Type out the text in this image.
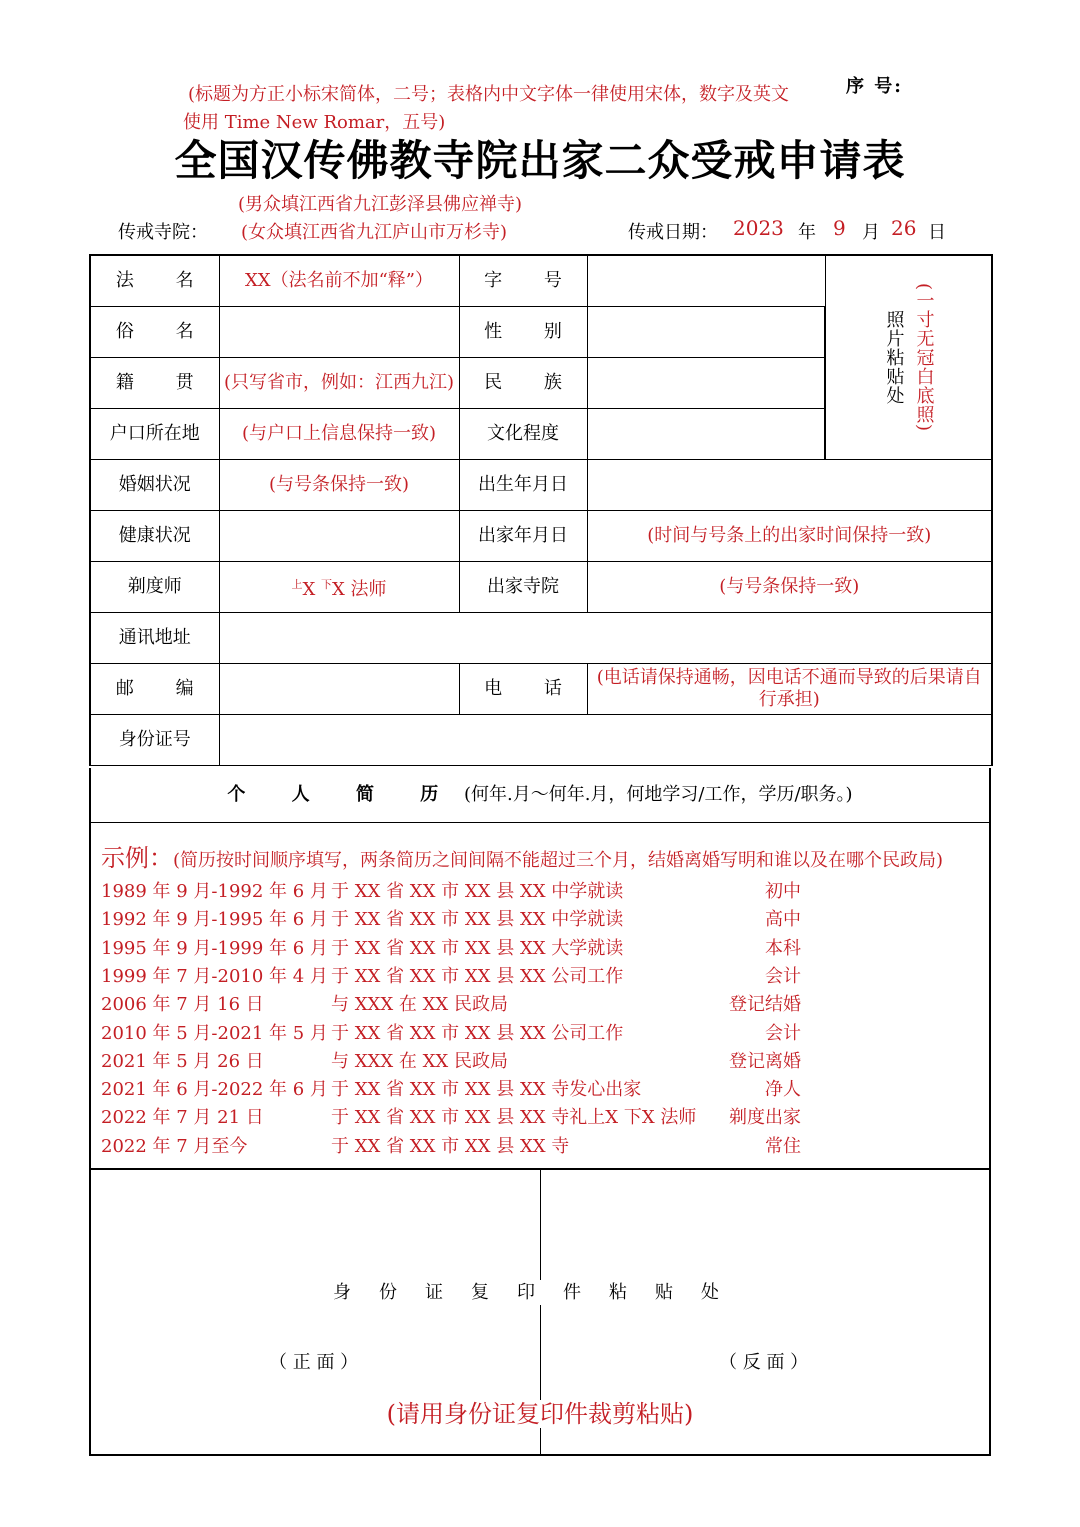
序 号:
(标题为方正小标宋简体，二号；表格内中文字体一律使用宋体，数字及英文
使用 Time New Romar，五号)
全国汉传佛教寺院出家二众受戒申请表
(男众填江西省九江彭泽县佛应禅寺)
(女众填江西省九江庐山市万杉寺)
传戒寺院：	传戒日期： 2023 年 9 月 26 日
法 名	XX（法名前不加“释”）	字 号		照片粘贴处 (一寸无冠白底照)

俗 名		性 别		
籍 贯	(只写省市，例如：江西九江)	民 族		
户口所在地	(与户口上信息保持一致)	文化程度		
婚姻状况	(与号条保持一致)	出生年月日		
健康状况		出家年月日	(时间与号条上的出家时间保持一致)	
剃度师	$^上$X $^下$X 法师	出家寺院	(与号条保持一致)	
通讯地址				
邮 编		电 话	(电话请保持通畅，因电话不通而导致的后果请自行承担)	
身份证号				
个 人 简 历 (何年.月～何年.月，何地学习/工作，学历/职务。)
示例：(简历按时间顺序填写，两条简历之间间隔不能超过三个月，结婚离婚写明和谁以及在哪个民政局)
1989 年 9 月-1992 年 6 月 于 XX 省 XX 市 XX 县 XX 中学就读	初中
1992 年 9 月-1995 年 6 月 于 XX 省 XX 市 XX 县 XX 中学就读	高中
1995 年 9 月-1999 年 6 月 于 XX 省 XX 市 XX 县 XX 大学就读	本科
1999 年 7 月-2010 年 4 月 于 XX 省 XX 市 XX 县 XX 公司工作	会计
2006 年 7 月 16 日	与 XXX 在 XX 民政局	登记结婚
2010 年 5 月-2021 年 5 月 于 XX 省 XX 市 XX 县 XX 公司工作	会计
2021 年 5 月 26 日	与 XXX 在 XX 民政局	登记离婚
2021 年 6 月-2022 年 6 月 于 XX 省 XX 市 XX 县 XX 寺发心出家	净人
2022 年 7 月 21 日	于 XX 省 XX 市 XX 县 XX 寺礼上X 下X 法师	剃度出家
2022 年 7 月至今	于 XX 省 XX 市 XX 县 XX 寺	常住
身份证复印件粘贴处
（ 正 面 ）	（ 反 面 ）
(请用身份证复印件裁剪粘贴)
